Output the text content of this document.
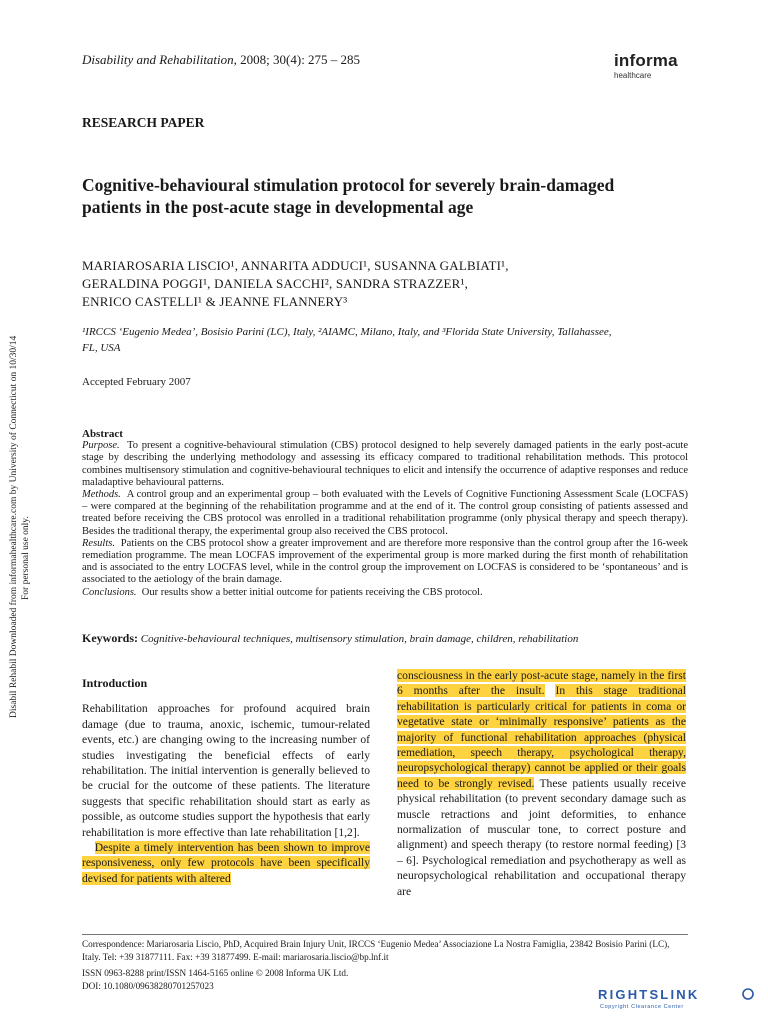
Disability and Rehabilitation, 2008; 30(4): 275 – 285	informa
healthcare
RESEARCH PAPER
Cognitive-behavioural stimulation protocol for severely brain-damaged
patients in the post-acute stage in developmental age
MARIAROSARIA LISCIO¹, ANNARITA ADDUCI¹, SUSANNA GALBIATI¹,
GERALDINA POGGI¹, DANIELA SACCHI², SANDRA STRAZZER¹,
ENRICO CASTELLI¹ & JEANNE FLANNERY³
¹IRCCS ‘Eugenio Medea’, Bosisio Parini (LC), Italy, ²AIAMC, Milano, Italy, and ³Florida State University, Tallahassee,
FL, USA
Accepted February 2007
Disabil Rehabil Downloaded from informahealthcare.com by University of Connecticut on 10/30/14 For personal use only.
Abstract

Purpose. To present a cognitive-behavioural stimulation (CBS) protocol designed to help severely damaged patients in the early post-acute stage by describing the underlying methodology and assessing its efficacy compared to traditional rehabilitation methods. This protocol combines multisensory stimulation and cognitive-behavioural techniques to elicit and intensify the occurrence of adaptive responses and reduce maladaptive behavioural patterns.

Methods. A control group and an experimental group – both evaluated with the Levels of Cognitive Functioning Assessment Scale (LOCFAS) – were compared at the beginning of the rehabilitation programme and at the end of it. The control group consisting of patients assessed and treated before receiving the CBS protocol was enrolled in a traditional rehabilitation programme (only physical therapy and speech therapy). Besides the traditional therapy, the experimental group also received the CBS protocol.

Results. Patients on the CBS protocol show a greater improvement and are therefore more responsive than the control group after the 16-week remediation programme. The mean LOCFAS improvement of the experimental group is more marked during the first month of rehabilitation and is associated to the entry LOCFAS level, while in the control group the improvement on LOCFAS is considered to be ‘spontaneous’ and is associated to the aetiology of the brain damage.

Conclusions. Our results show a better initial outcome for patients receiving the CBS protocol.

Keywords: Cognitive-behavioural techniques, multisensory stimulation, brain damage, children, rehabilitation
Introduction

Rehabilitation approaches for profound acquired brain damage (due to trauma, anoxic, ischemic, tumour-related events, etc.) are changing owing to the increasing number of studies investigating the beneficial effects of early rehabilitation. The initial intervention is generally believed to be crucial for the outcome of these patients. The literature suggests that specific rehabilitation should start as early as possible, as outcome studies support the hypothesis that early rehabilitation is more effective than late rehabilitation [1,2].

Despite a timely intervention has been shown to improve responsiveness, only few protocols have been specifically devised for patients with altered

consciousness in the early post-acute stage, namely in the first 6 months after the insult. In this stage traditional rehabilitation is particularly critical for patients in coma or vegetative state or ‘minimally responsive’ patients as the majority of functional rehabilitation approaches (physical remediation, speech therapy, psychological therapy, neuropsychological therapy) cannot be applied or their goals need to be strongly revised. These patients usually receive physical rehabilitation (to prevent secondary damage such as muscle retractions and joint deformities, to enhance normalization of muscular tone, to correct posture and alignment) and speech therapy (to restore normal feeding) [3 – 6]. Psychological remediation and psychotherapy as well as neuropsychological rehabilitation and occupational therapy are

Correspondence: Mariarosaria Liscio, PhD, Acquired Brain Injury Unit, IRCCS ‘Eugenio Medea’ Associazione La Nostra Famiglia, 23842 Bosisio Parini (LC), Italy. Tel: +39 31877111. Fax: +39 31877499. E-mail: mariarosaria.liscio@bp.lnf.it
ISSN 0963-8288 print/ISSN 1464-5165 online © 2008 Informa UK Ltd.
DOI: 10.1080/09638280701257023
RIGHTSLINK
Copyright Clearance Center
